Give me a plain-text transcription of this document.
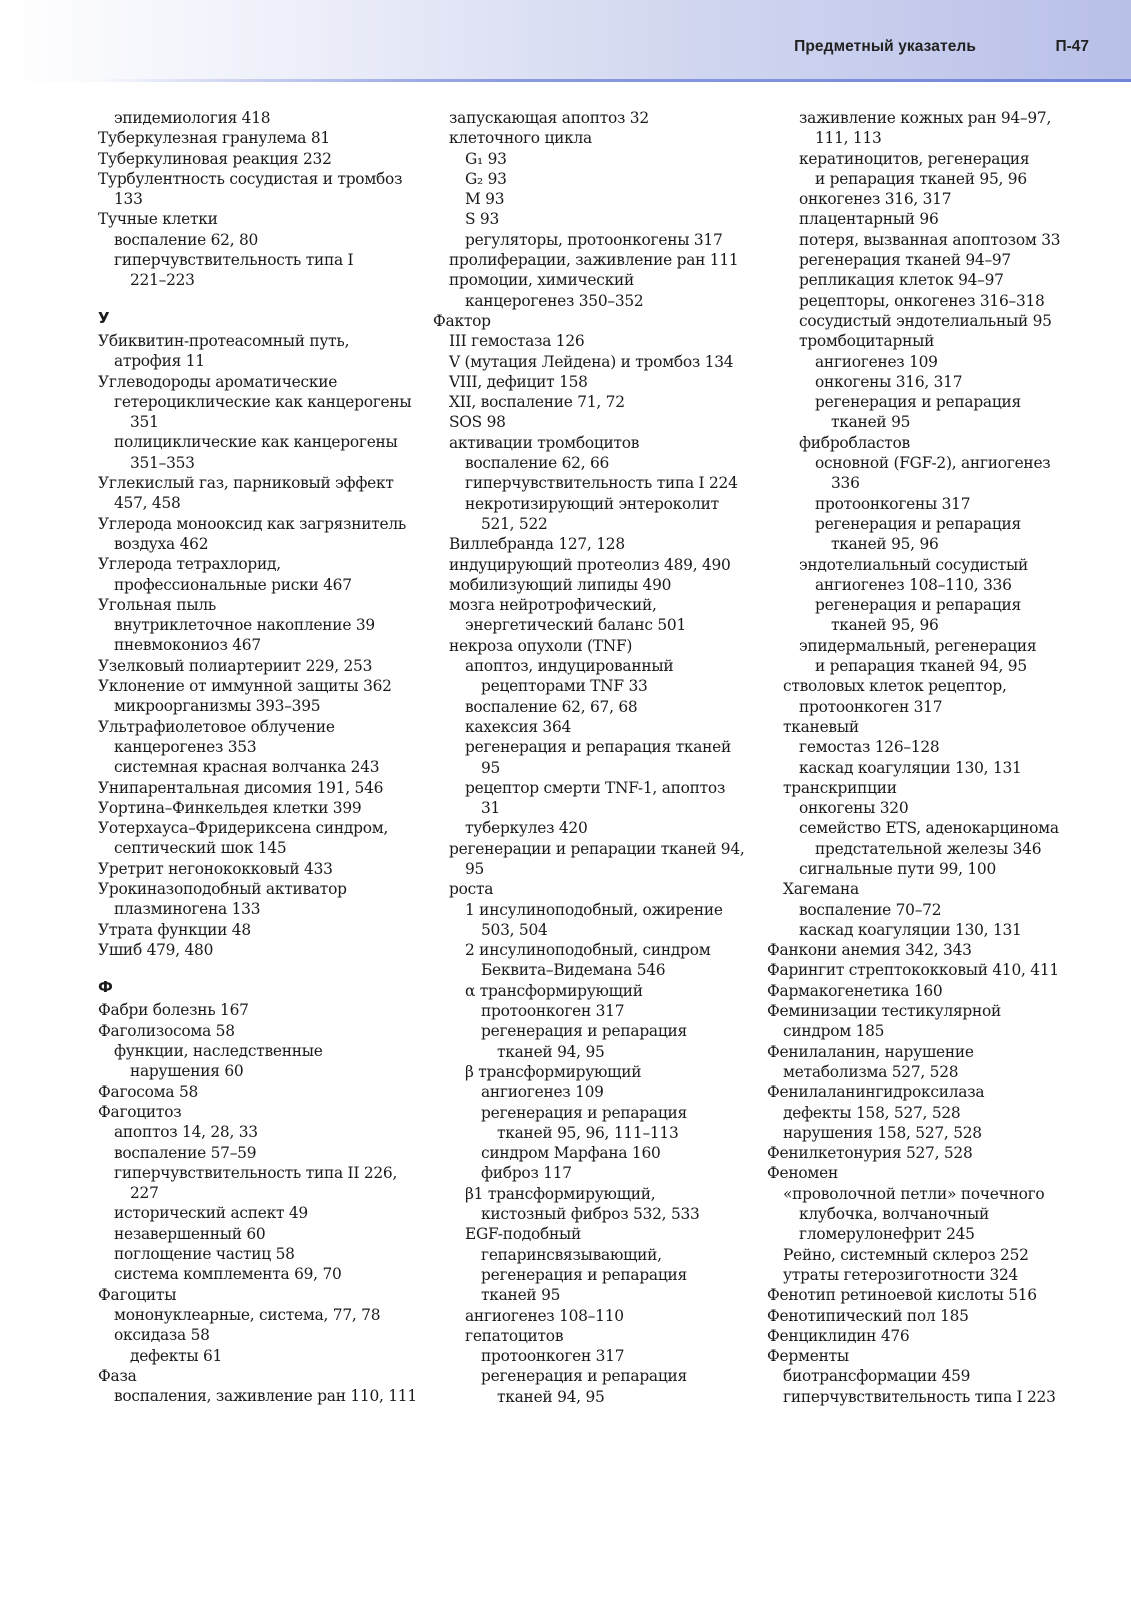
Предметный указатель	П-47
эпидемиология 418
Туберкулезная гранулема 81
Туберкулиновая реакция 232
Турбулентность сосудистая и тромбоз
133
Тучные клетки
воспаление 62, 80
гиперчувствительность типа I
221–223
У
Убиквитин-протеасомный путь,
атрофия 11
Углеводороды ароматические
гетероциклические как канцерогены
351
полициклические как канцерогены
351–353
Углекислый газ, парниковый эффект
457, 458
Углерода монооксид как загрязнитель
воздуха 462
Углерода тетрахлорид,
профессиональные риски 467
Угольная пыль
внутриклеточное накопление 39
пневмокониоз 467
Узелковый полиартериит 229, 253
Уклонение от иммунной защиты 362
микроорганизмы 393–395
Ультрафиолетовое облучение
канцерогенез 353
системная красная волчанка 243
Унипарентальная дисомия 191, 546
Уортина–Финкельдея клетки 399
Уотерхауса–Фридериксена синдром,
септический шок 145
Уретрит негонококковый 433
Урокиназоподобный активатор
плазминогена 133
Утрата функции 48
Ушиб 479, 480
Ф
Фабри болезнь 167
Фаголизосома 58
функции, наследственные
нарушения 60
Фагосома 58
Фагоцитоз
апоптоз 14, 28, 33
воспаление 57–59
гиперчувствительность типа II 226,
227
исторический аспект 49
незавершенный 60
поглощение частиц 58
система комплемента 69, 70
Фагоциты
мононуклеарные, система, 77, 78
оксидаза 58
дефекты 61
Фаза
воспаления, заживление ран 110, 111
запускающая апоптоз 32
клеточного цикла
G₁ 93
G₂ 93
M 93
S 93
регуляторы, протоонкогены 317
пролиферации, заживление ран 111
промоции, химический
канцерогенез 350–352
Фактор
III гемостаза 126
V (мутация Лейдена) и тромбоз 134
VIII, дефицит 158
XII, воспаление 71, 72
SOS 98
активации тромбоцитов
воспаление 62, 66
гиперчувствительность типа I 224
некротизирующий энтероколит
521, 522
Виллебранда 127, 128
индуцирующий протеолиз 489, 490
мобилизующий липиды 490
мозга нейротрофический,
энергетический баланс 501
некроза опухоли (TNF)
апоптоз, индуцированный
рецепторами TNF 33
воспаление 62, 67, 68
кахексия 364
регенерация и репарация тканей
95
рецептор смерти TNF-1, апоптоз
31
туберкулез 420
регенерации и репарации тканей 94,
95
роста
1 инсулиноподобный, ожирение
503, 504
2 инсулиноподобный, синдром
Беквита–Видемана 546
α трансформирующий
протоонкоген 317
регенерация и репарация
тканей 94, 95
β трансформирующий
ангиогенез 109
регенерация и репарация
тканей 95, 96, 111–113
синдром Марфана 160
фиброз 117
β1 трансформирующий,
кистозный фиброз 532, 533
EGF-подобный
гепаринсвязывающий,
регенерация и репарация
тканей 95
ангиогенез 108–110
гепатоцитов
протоонкоген 317
регенерация и репарация
тканей 94, 95
заживление кожных ран 94–97,
111, 113
кератиноцитов, регенерация
и репарация тканей 95, 96
онкогенез 316, 317
плацентарный 96
потеря, вызванная апоптозом 33
регенерация тканей 94–97
репликация клеток 94–97
рецепторы, онкогенез 316–318
сосудистый эндотелиальный 95
тромбоцитарный
ангиогенез 109
онкогены 316, 317
регенерация и репарация
тканей 95
фибробластов
основной (FGF-2), ангиогенез
336
протоонкогены 317
регенерация и репарация
тканей 95, 96
эндотелиальный сосудистый
ангиогенез 108–110, 336
регенерация и репарация
тканей 95, 96
эпидермальный, регенерация
и репарация тканей 94, 95
стволовых клеток рецептор,
протоонкоген 317
тканевый
гемостаз 126–128
каскад коагуляции 130, 131
транскрипции
онкогены 320
семейство ETS, аденокарцинома
предстательной железы 346
сигнальные пути 99, 100
Хагемана
воспаление 70–72
каскад коагуляции 130, 131
Фанкони анемия 342, 343
Фарингит стрептококковый 410, 411
Фармакогенетика 160
Феминизации тестикулярной
синдром 185
Фенилаланин, нарушение
метаболизма 527, 528
Фенилаланингидроксилаза
дефекты 158, 527, 528
нарушения 158, 527, 528
Фенилкетонурия 527, 528
Феномен
«проволочной петли» почечного
клубочка, волчаночный
гломерулонефрит 245
Рейно, системный склероз 252
утраты гетерозиготности 324
Фенотип ретиноевой кислоты 516
Фенотипический пол 185
Фенциклидин 476
Ферменты
биотрансформации 459
гиперчувствительность типа I 223
